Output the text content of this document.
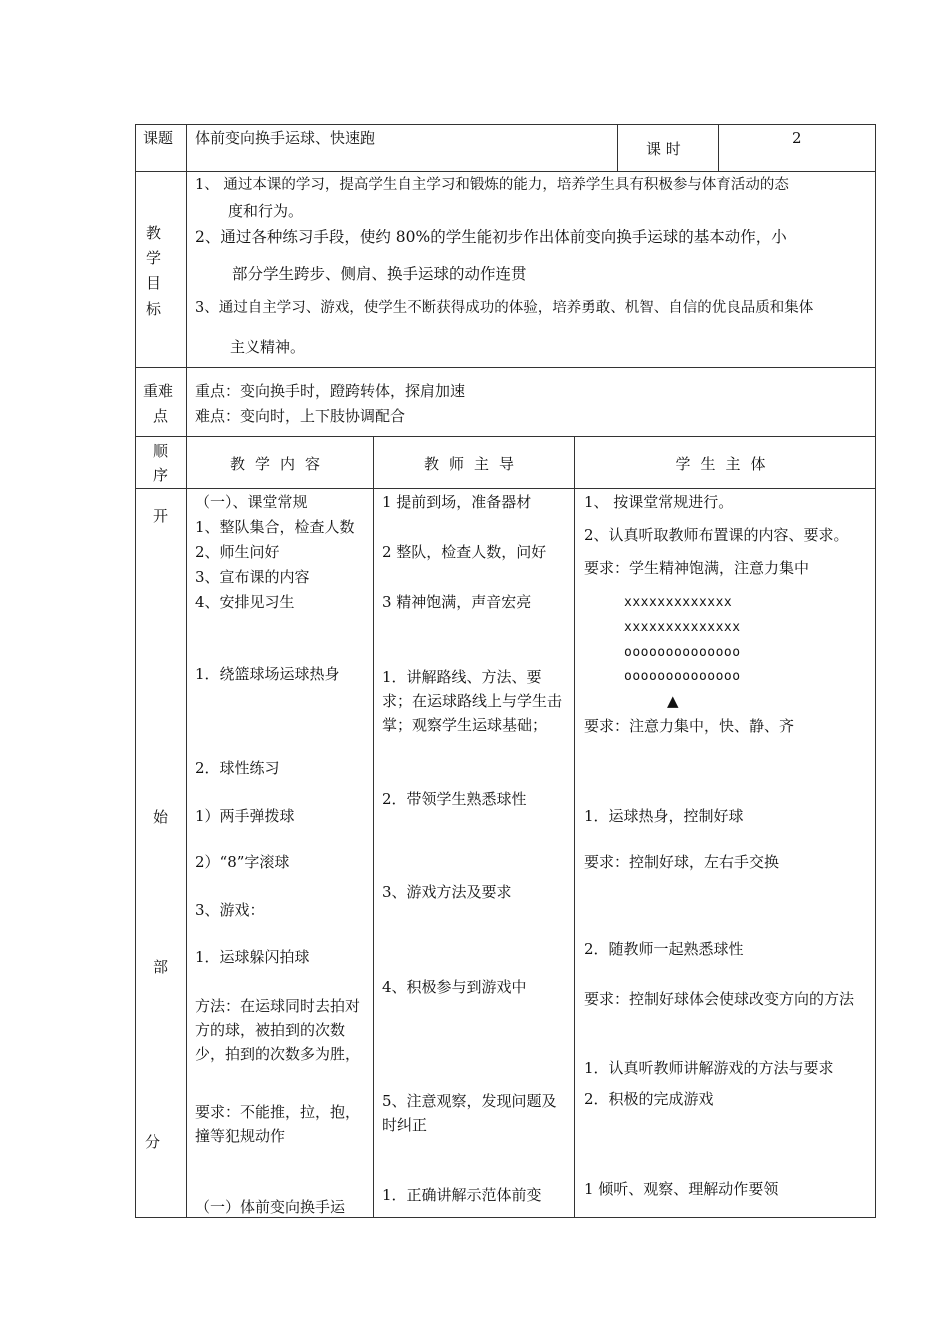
课题 体前变向换手运球、快速跑
课 时
2
教
学
目
标
1、 通过本课的学习，提高学生自主学习和锻炼的能力，培养学生具有积极参与体育活动的态
度和行为。
2、通过各种练习手段，使约 80%的学生能初步作出体前变向换手运球的基本动作，小
部分学生跨步、侧肩、换手运球的动作连贯
3、通过自主学习、游戏，使学生不断获得成功的体验，培养勇敢、机智、自信的优良品质和集体
主义精神。
重难
点
重点：变向换手时，蹬跨转体，探肩加速
难点：变向时，上下肢协调配合
顺
序
教学内容	教师主导	学生主体
开
始
部
分
（一）、课堂常规
1、整队集合，检查人数
2、师生问好
3、宣布课的内容
4、安排见习生
1．绕篮球场运球热身
2．球性练习
1）两手弹拨球
2）“8”字滚球
3、游戏：
1．运球躲闪拍球
方法：在运球同时去拍对方的球，被拍到的次数少，拍到的次数多为胜，
要求：不能推，拉，抱，撞等犯规动作
（一）体前变向换手运
1 提前到场，准备器材
2 整队，检查人数，问好
3 精神饱满，声音宏亮
1．讲解路线、方法、要求；在运球路线上与学生击掌；观察学生运球基础；
2．带领学生熟悉球性
3、游戏方法及要求
4、积极参与到游戏中
5、注意观察，发现问题及时纠正
1．正确讲解示范体前变
1、 按课堂常规进行。
2、认真听取教师布置课的内容、要求。
要求：学生精神饱满，注意力集中
xxxxxxxxxxxxx
xxxxxxxxxxxxxx
oooooooooooooo
oooooooooooooo
▲
要求：注意力集中，快、静、齐
1．运球热身，控制好球
要求：控制好球，左右手交换
2．随教师一起熟悉球性
要求：控制好球体会使球改变方向的方法
1．认真听教师讲解游戏的方法与要求
2．积极的完成游戏
1 倾听、观察、理解动作要领
